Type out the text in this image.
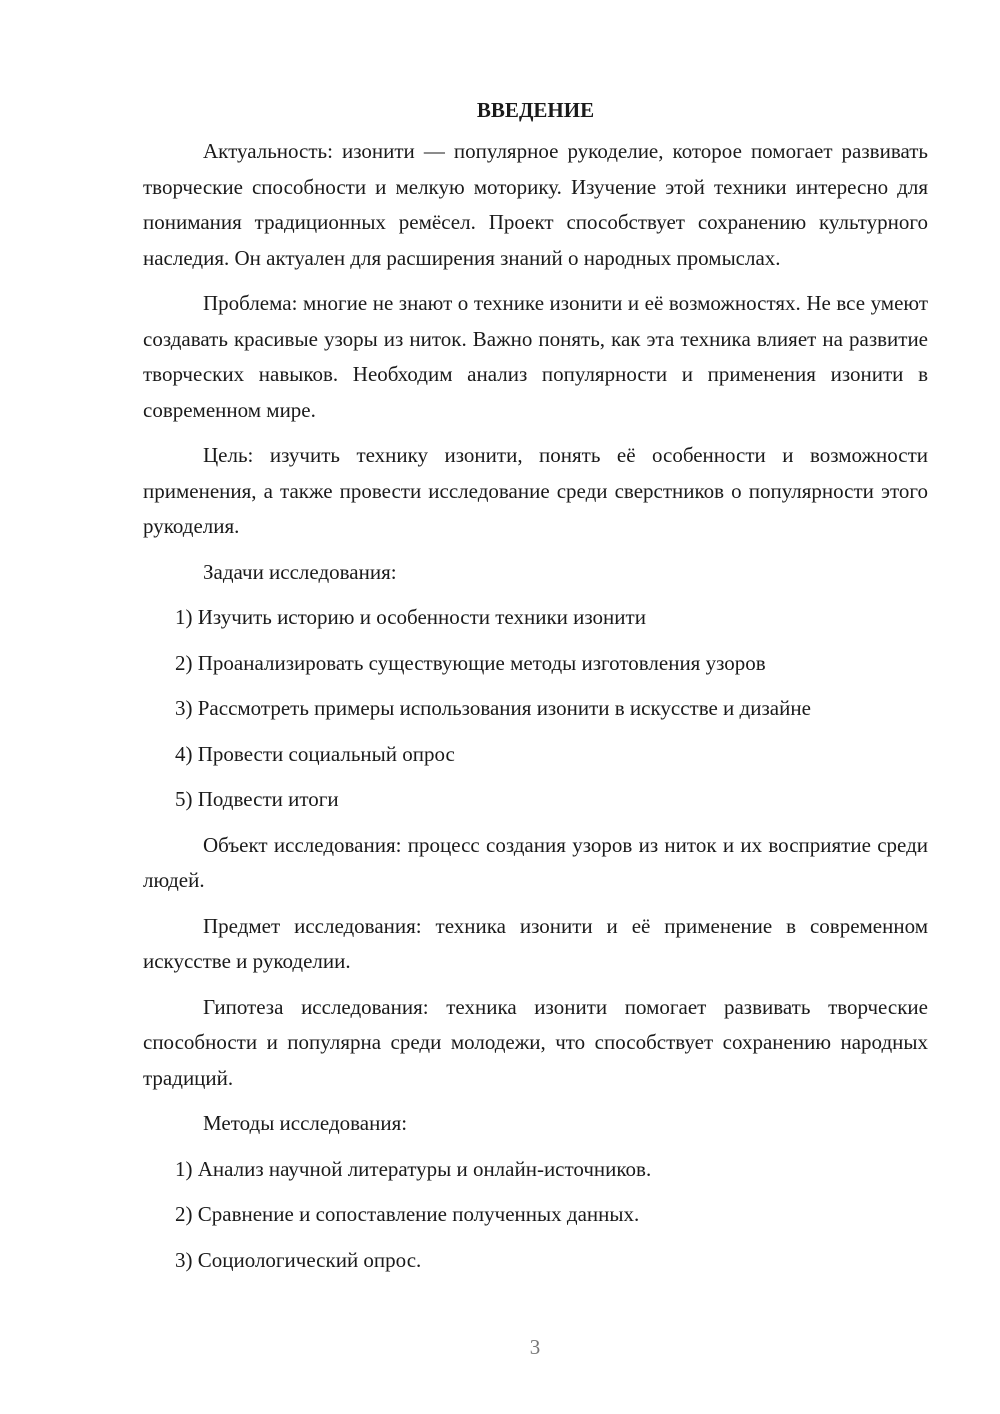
ВВЕДЕНИЕ

Актуальность: изонити — популярное рукоделие, которое помогает развивать творческие способности и мелкую моторику. Изучение этой техники интересно для понимания традиционных ремёсел. Проект способствует сохранению культурного наследия. Он актуален для расширения знаний о народных промыслах.

Проблема: многие не знают о технике изонити и её возможностях. Не все умеют создавать красивые узоры из ниток. Важно понять, как эта техника влияет на развитие творческих навыков. Необходим анализ популярности и применения изонити в современном мире.

Цель: изучить технику изонити, понять её особенности и возможности применения, а также провести исследование среди сверстников о популярности этого рукоделия.

Задачи исследования:
1) Изучить историю и особенности техники изонити
2) Проанализировать существующие методы изготовления узоров
3) Рассмотреть примеры использования изонити в искусстве и дизайне
4) Провести социальный опрос
5) Подвести итоги

Объект исследования: процесс создания узоров из ниток и их восприятие среди людей.

Предмет исследования: техника изонити и её применение в современном искусстве и рукоделии.

Гипотеза исследования: техника изонити помогает развивать творческие способности и популярна среди молодежи, что способствует сохранению народных традиций.

Методы исследования:
1) Анализ научной литературы и онлайн-источников.
2) Сравнение и сопоставление полученных данных.
3) Социологический опрос.
3
